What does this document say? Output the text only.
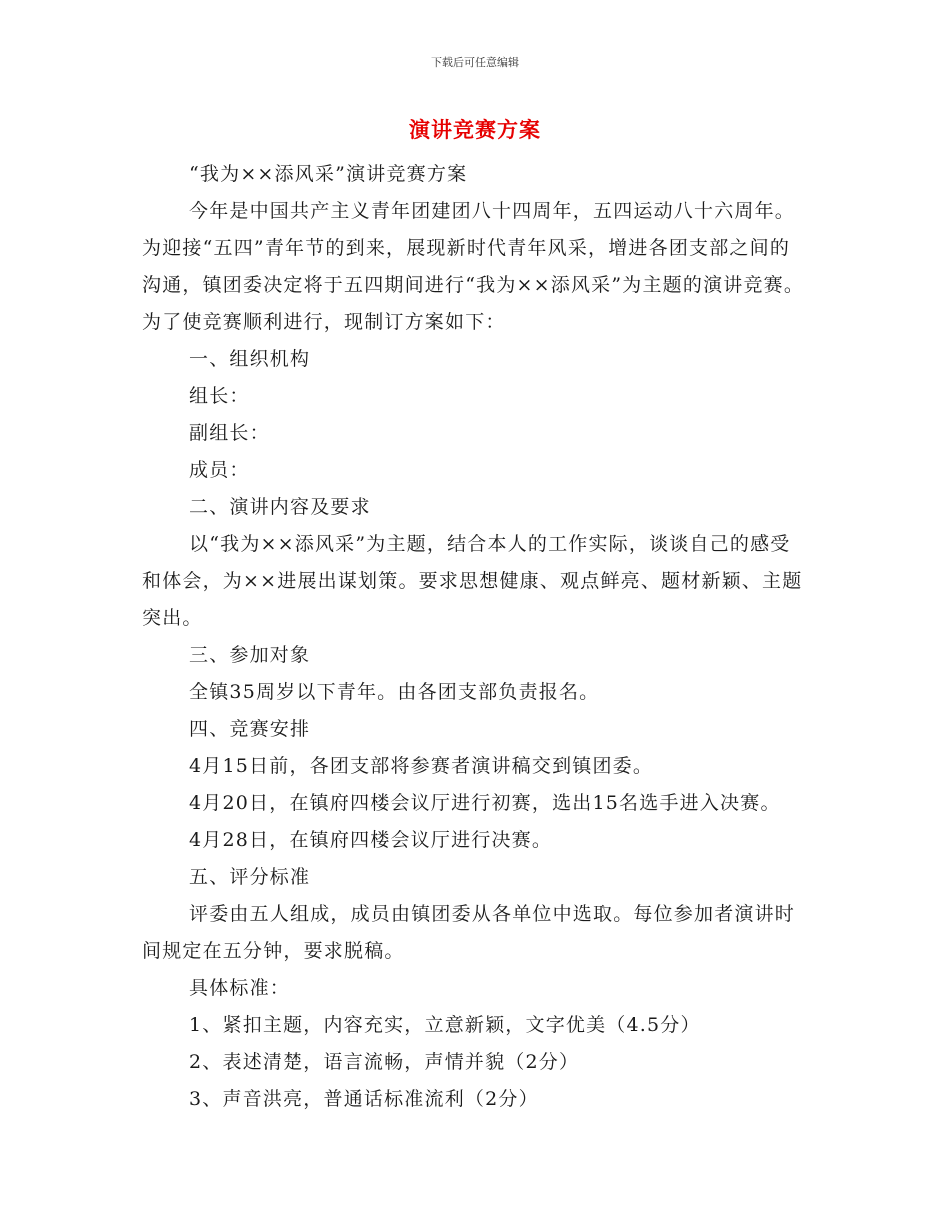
下载后可任意编辑
演讲竞赛方案

“我为××添风采”演讲竞赛方案

今年是中国共产主义青年团建团八十四周年，五四运动八十六周年。为迎接“五四”青年节的到来，展现新时代青年风采，增进各团支部之间的沟通，镇团委决定将于五四期间进行“我为××添风采”为主题的演讲竞赛。为了使竞赛顺利进行，现制订方案如下：

一、组织机构

组长：

副组长：

成员：

二、演讲内容及要求

以“我为××添风采”为主题，结合本人的工作实际，谈谈自己的感受和体会，为××进展出谋划策。要求思想健康、观点鲜亮、题材新颖、主题突出。

三、参加对象

全镇35周岁以下青年。由各团支部负责报名。

四、竞赛安排

4月15日前，各团支部将参赛者演讲稿交到镇团委。

4月20日，在镇府四楼会议厅进行初赛，选出15名选手进入决赛。

4月28日，在镇府四楼会议厅进行决赛。

五、评分标准

评委由五人组成，成员由镇团委从各单位中选取。每位参加者演讲时间规定在五分钟，要求脱稿。

具体标准：

1、紧扣主题，内容充实，立意新颖，文字优美（4.5分）

2、表述清楚，语言流畅，声情并貌（2分）

3、声音洪亮，普通话标准流利（2分）
